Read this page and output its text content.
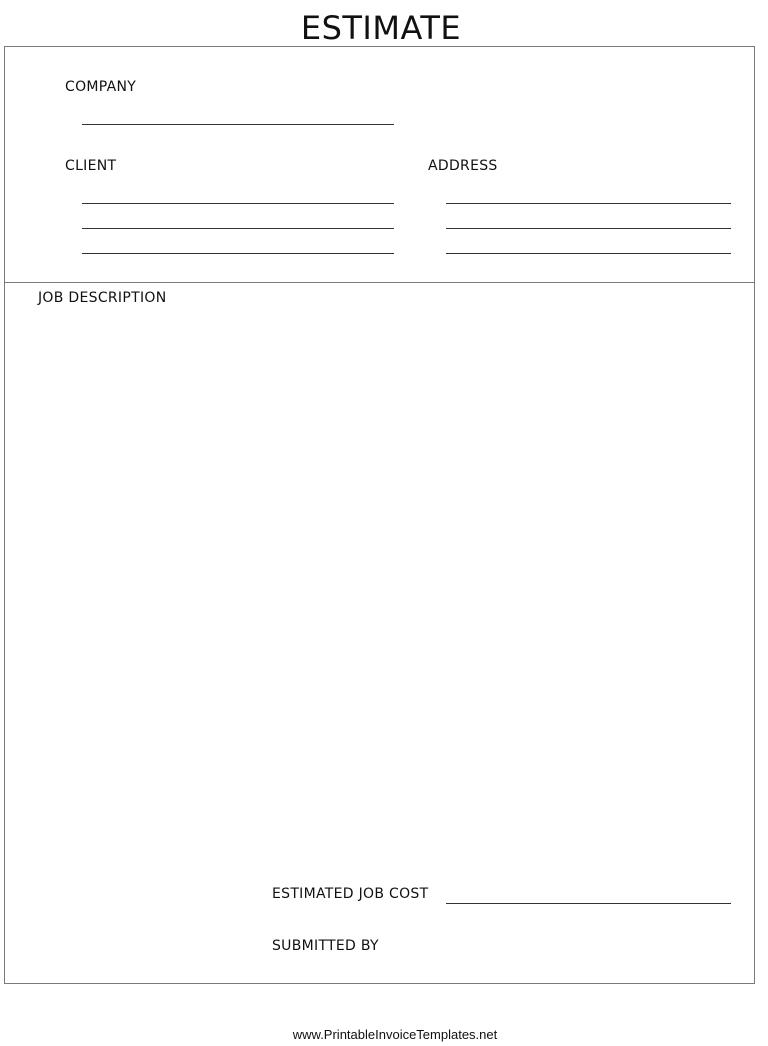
ESTIMATE
COMPANY
CLIENT	ADDRESS
JOB DESCRIPTION
ESTIMATED JOB COST
SUBMITTED BY
www.PrintableInvoiceTemplates.net
